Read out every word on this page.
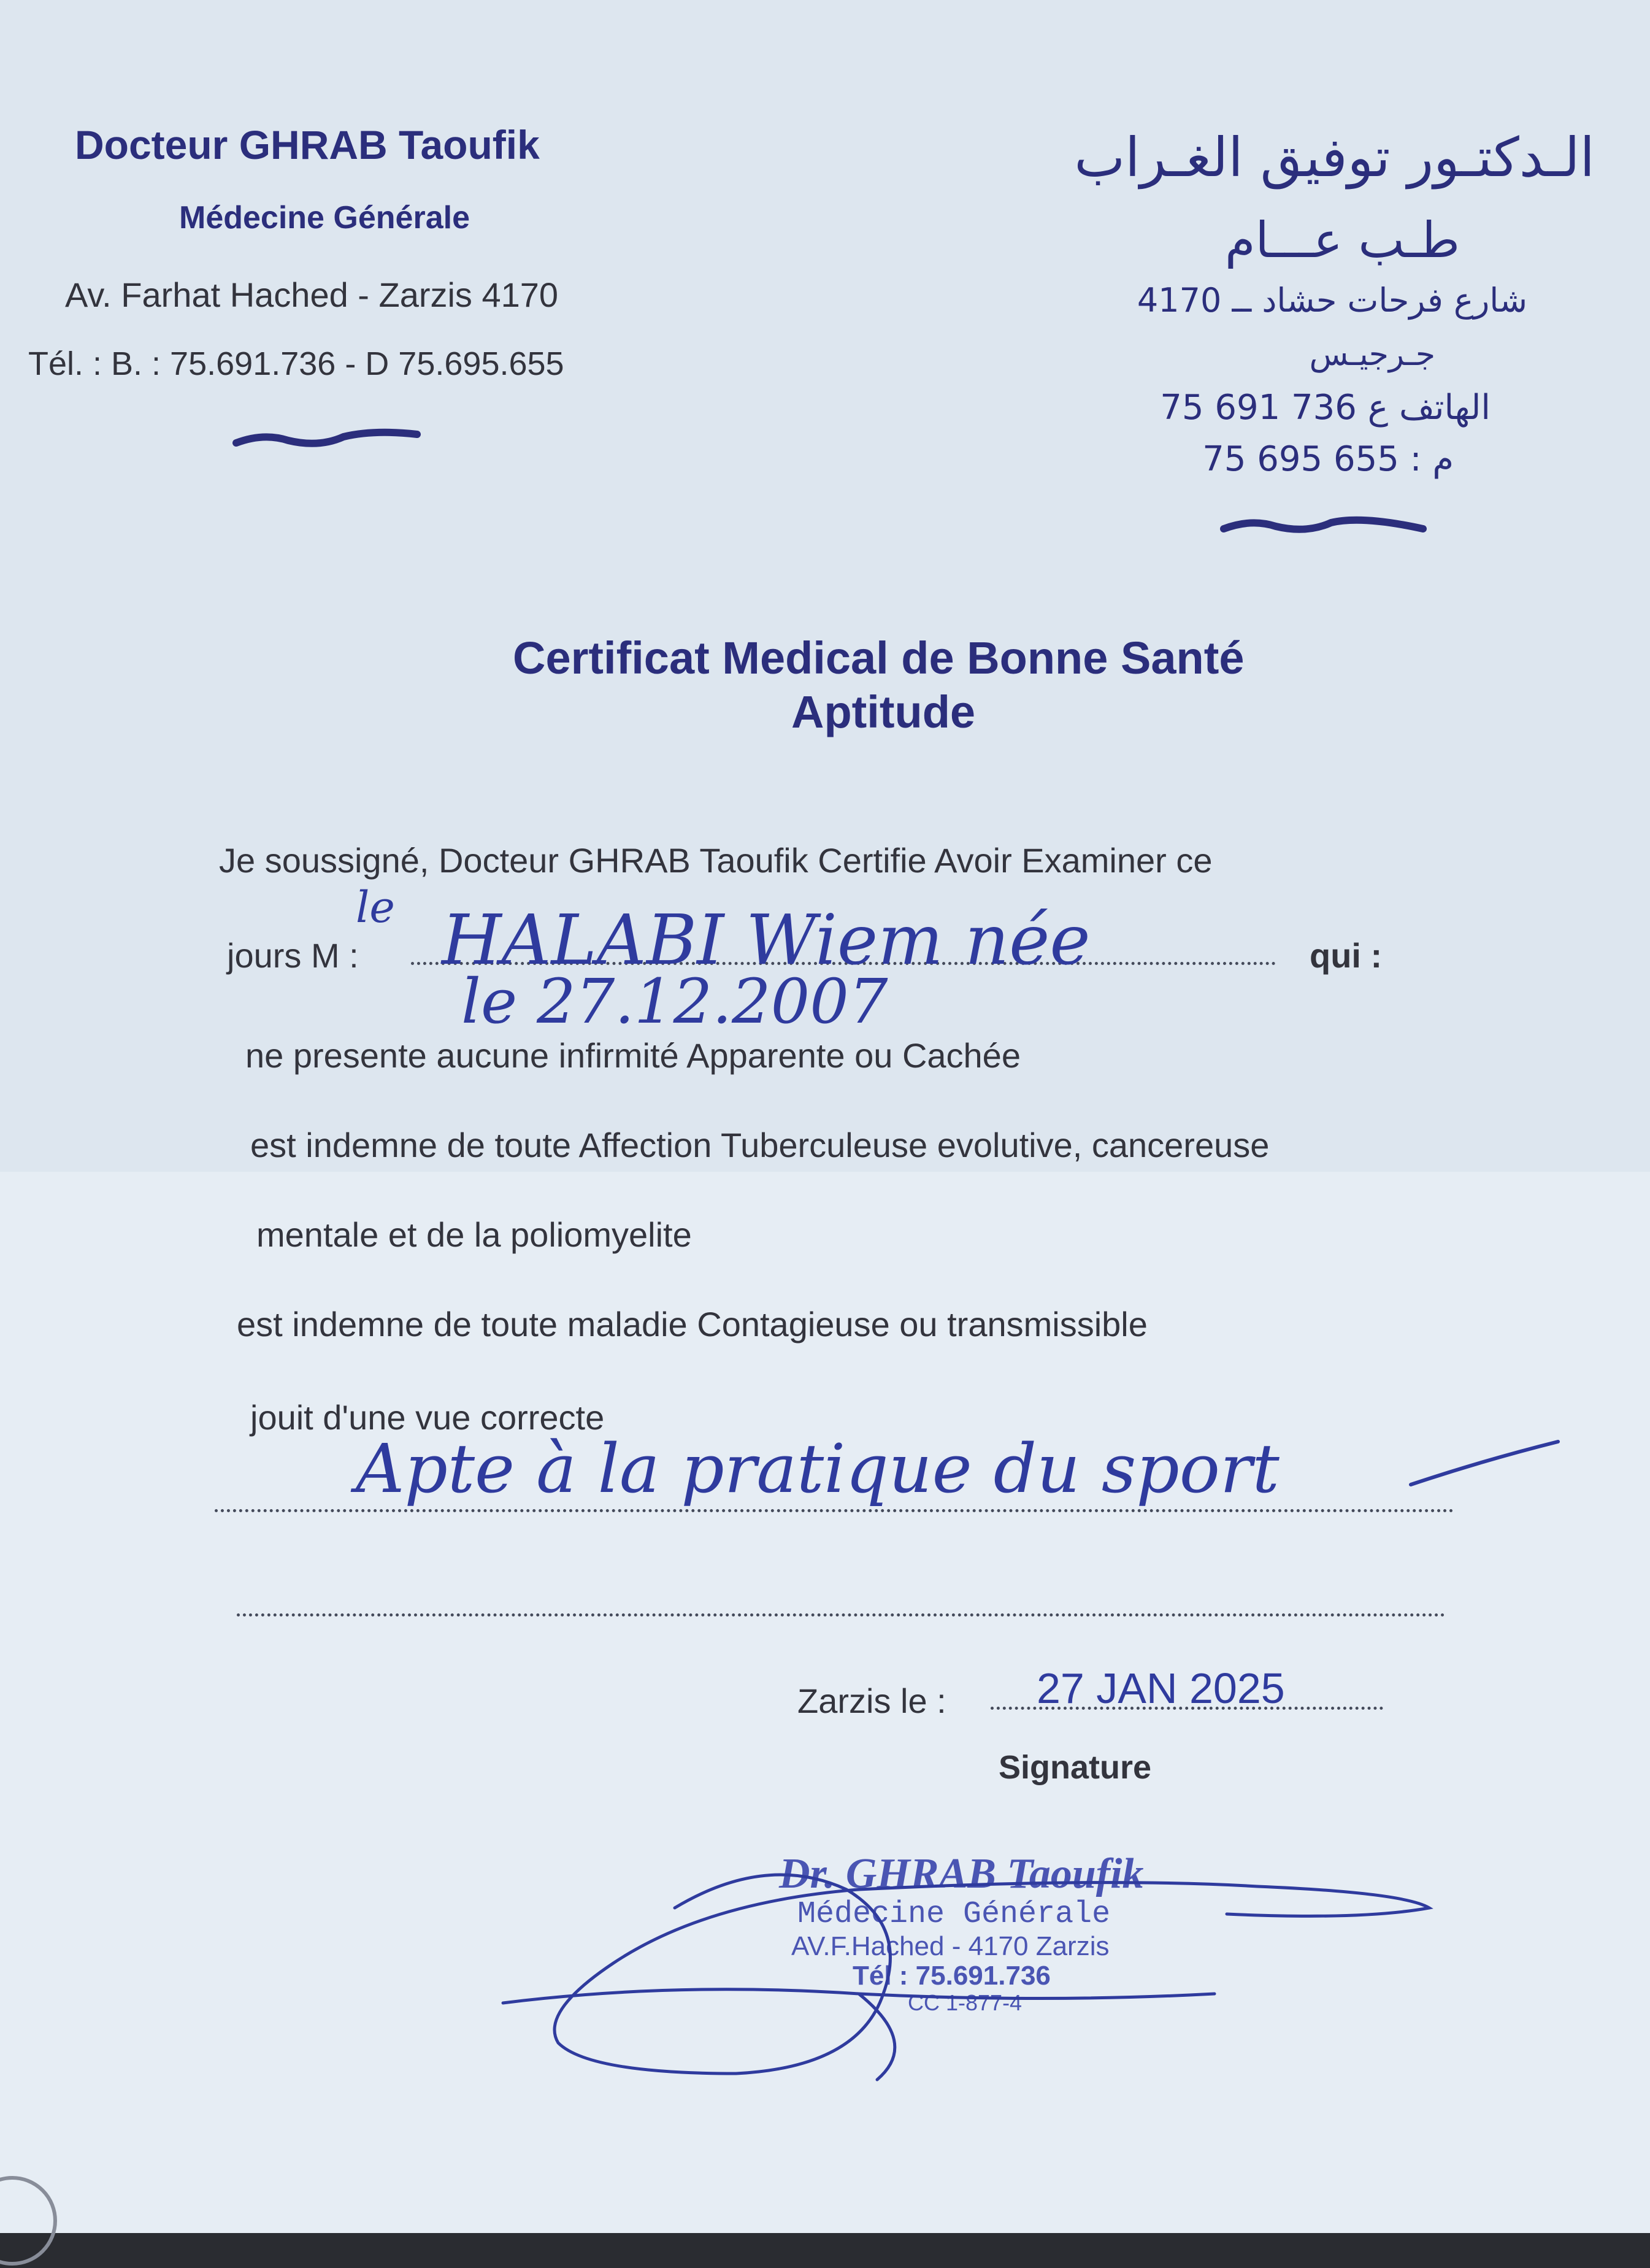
Docteur GHRAB Taoufik
Médecine Générale
Av. Farhat Hached - Zarzis 4170
Tél. : B. : 75.691.736 - D 75.695.655
الـدكتـور توفيق الغـراب
طـب عـــام
شارع فرحات حشاد ــ 4170
جـرجيـس
الهاتف ع 736 691 75
م : 655 695 75
Certificat Medical de Bonne Santé
Aptitude
Je soussigné, Docteur GHRAB Taoufik Certifie Avoir Examiner ce
jours M :	qui :
ne presente aucune infirmité Apparente ou Cachée
est indemne de toute Affection Tuberculeuse evolutive, cancereuse
mentale et de la poliomyelite
est indemne de toute maladie Contagieuse ou transmissible
jouit d'une vue correcte
le HALABI Wiem née
le 27.12.2007
Apte à la pratique du sport
Zarzis le : 27 JAN 2025
Signature
Dr. GHRAB Taoufik
Médecine Générale
AV.F.Hached - 4170 Zarzis
Tél : 75.691.736
CC 1-877-4
